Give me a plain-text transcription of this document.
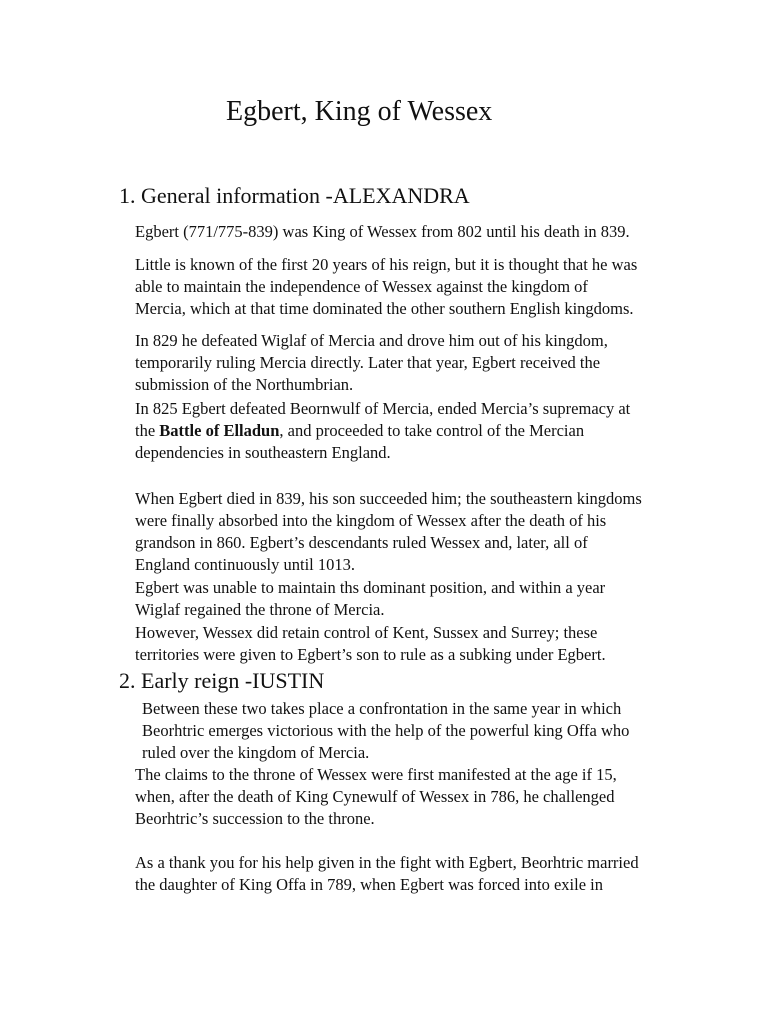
Egbert, King of Wessex
1. General information -ALEXANDRA

Egbert (771/775-839) was King of Wessex from 802 until his death in 839.

Little is known of the first 20 years of his reign, but it is thought that he was
able to maintain the independence of Wessex against the kingdom of
Mercia, which at that time dominated the other southern English kingdoms.

In 829 he defeated Wiglaf of Mercia and drove him out of his kingdom,
temporarily ruling Mercia directly. Later that year, Egbert received the
submission of the Northumbrian.

In 825 Egbert defeated Beornwulf of Mercia, ended Mercia’s supremacy at
the Battle of Elladun, and proceeded to take control of the Mercian
dependencies in southeastern England.

When Egbert died in 839, his son succeeded him; the southeastern kingdoms
were finally absorbed into the kingdom of Wessex after the death of his
grandson in 860. Egbert’s descendants ruled Wessex and, later, all of
England continuously until 1013.

Egbert was unable to maintain ths dominant position, and within a year
Wiglaf regained the throne of Mercia.

However, Wessex did retain control of Kent, Sussex and Surrey; these
territories were given to Egbert’s son to rule as a subking under Egbert.

2. Early reign -IUSTIN

Between these two takes place a confrontation in the same year in which
Beorhtric emerges victorious with the help of the powerful king Offa who
ruled over the kingdom of Mercia.

The claims to the throne of Wessex were first manifested at the age if 15,
when, after the death of King Cynewulf of Wessex in 786, he challenged
Beorhtric’s succession to the throne.

As a thank you for his help given in the fight with Egbert, Beorhtric married
the daughter of King Offa in 789, when Egbert was forced into exile in
